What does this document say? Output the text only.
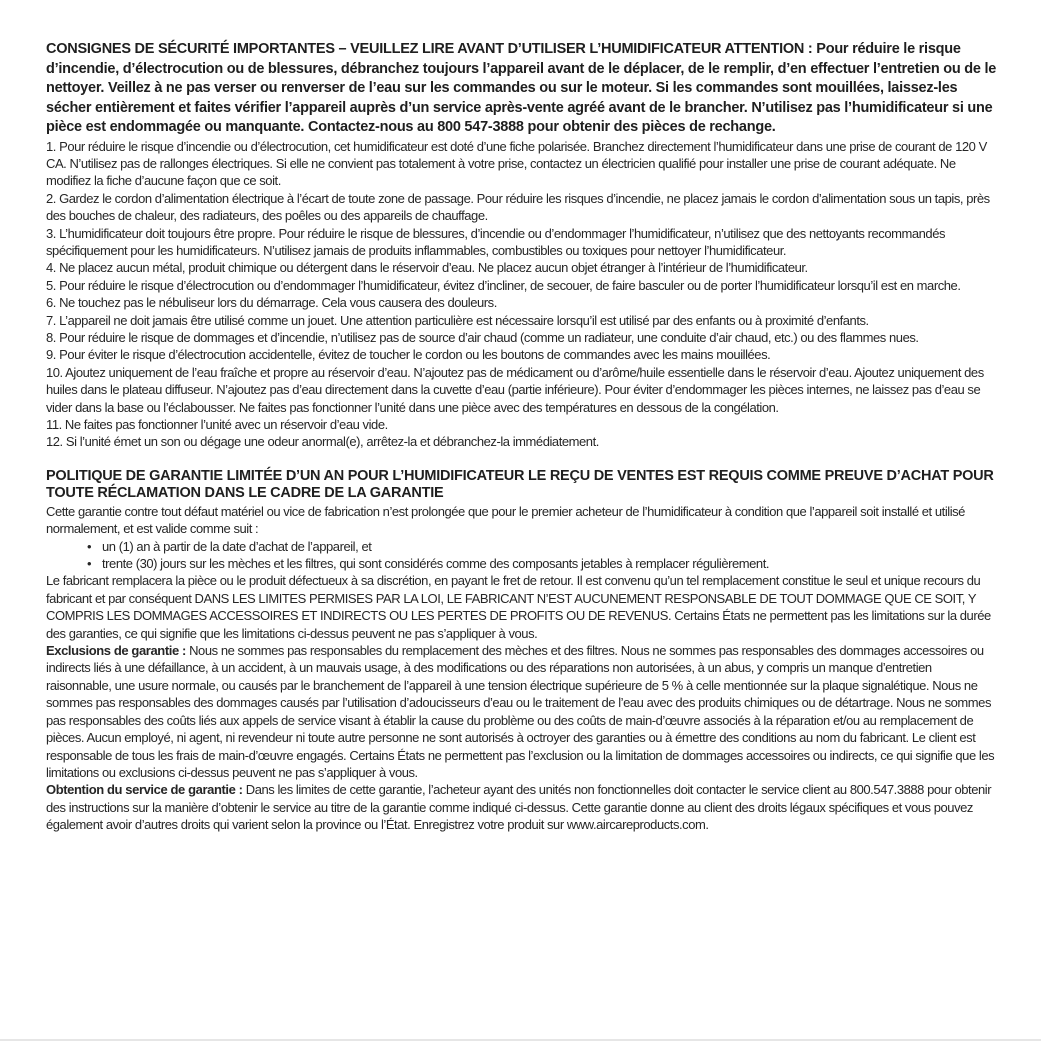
CONSIGNES DE SÉCURITÉ IMPORTANTES – VEUILLEZ LIRE AVANT D’UTILISER L’HUMIDIFICATEUR ATTENTION : Pour réduire le risque d’incendie, d’électrocution ou de blessures, débranchez toujours l’appareil avant de le déplacer, de le remplir, d’en effectuer l’entretien ou de le nettoyer. Veillez à ne pas verser ou renverser de l’eau sur les commandes ou sur le moteur. Si les commandes sont mouillées, laissez-les sécher entièrement et faites vérifier l’appareil auprès d’un service après-vente agréé avant de le brancher. N’utilisez pas l’humidificateur si une pièce est endommagée ou manquante. Contactez-nous au 800 547-3888 pour obtenir des pièces de rechange.

1. Pour réduire le risque d’incendie ou d’électrocution, cet humidificateur est doté d’une fiche polarisée. Branchez directement l’humidificateur dans une prise de courant de 120 V CA. N’utilisez pas de rallonges électriques. Si elle ne convient pas totalement à votre prise, contactez un électricien qualifié pour installer une prise de courant adéquate. Ne modifiez la fiche d’aucune façon que ce soit.

2. Gardez le cordon d’alimentation électrique à l’écart de toute zone de passage. Pour réduire les risques d’incendie, ne placez jamais le cordon d’alimentation sous un tapis, près des bouches de chaleur, des radiateurs, des poêles ou des appareils de chauffage.

3. L’humidificateur doit toujours être propre. Pour réduire le risque de blessures, d’incendie ou d’endommager l’humidificateur, n’utilisez que des nettoyants recommandés spécifiquement pour les humidificateurs. N’utilisez jamais de produits inflammables, combustibles ou toxiques pour nettoyer l’humidificateur.

4. Ne placez aucun métal, produit chimique ou détergent dans le réservoir d’eau. Ne placez aucun objet étranger à l’intérieur de l’humidificateur.

5. Pour réduire le risque d’électrocution ou d’endommager l’humidificateur, évitez d’incliner, de secouer, de faire basculer ou de porter l’humidificateur lorsqu’il est en marche.

6. Ne touchez pas le nébuliseur lors du démarrage. Cela vous causera des douleurs.

7. L’appareil ne doit jamais être utilisé comme un jouet. Une attention particulière est nécessaire lorsqu’il est utilisé par des enfants ou à proximité d’enfants.

8. Pour réduire le risque de dommages et d’incendie, n’utilisez pas de source d’air chaud (comme un radiateur, une conduite d’air chaud, etc.) ou des flammes nues.

9. Pour éviter le risque d’électrocution accidentelle, évitez de toucher le cordon ou les boutons de commandes avec les mains mouillées.

10. Ajoutez uniquement de l’eau fraîche et propre au réservoir d’eau. N’ajoutez pas de médicament ou d’arôme/huile essentielle dans le réservoir d’eau. Ajoutez uniquement des huiles dans le plateau diffuseur. N’ajoutez pas d’eau directement dans la cuvette d’eau (partie inférieure). Pour éviter d’endommager les pièces internes, ne laissez pas d’eau se vider dans la base ou l’éclabousser. Ne faites pas fonctionner l’unité dans une pièce avec des températures en dessous de la congélation.

11. Ne faites pas fonctionner l’unité avec un réservoir d’eau vide.

12. Si l’unité émet un son ou dégage une odeur anormal(e), arrêtez-la et débranchez-la immédiatement.

POLITIQUE DE GARANTIE LIMITÉE D’UN AN POUR L’HUMIDIFICATEUR LE REÇU DE VENTES EST REQUIS COMME PREUVE D’ACHAT POUR TOUTE RÉCLAMATION DANS LE CADRE DE LA GARANTIE

Cette garantie contre tout défaut matériel ou vice de fabrication n’est prolongée que pour le premier acheteur de l’humidificateur à condition que l’appareil soit installé et utilisé normalement, et est valide comme suit :

• un (1) an à partir de la date d’achat de l’appareil, et
• trente (30) jours sur les mèches et les filtres, qui sont considérés comme des composants jetables à remplacer régulièrement.

Le fabricant remplacera la pièce ou le produit défectueux à sa discrétion, en payant le fret de retour. Il est convenu qu’un tel remplacement constitue le seul et unique recours du fabricant et par conséquent DANS LES LIMITES PERMISES PAR LA LOI, LE FABRICANT N’EST AUCUNEMENT RESPONSABLE DE TOUT DOMMAGE QUE CE SOIT, Y COMPRIS LES DOMMAGES ACCESSOIRES ET INDIRECTS OU LES PERTES DE PROFITS OU DE REVENUS. Certains États ne permettent pas les limitations sur la durée des garanties, ce qui signifie que les limitations ci-dessus peuvent ne pas s’appliquer à vous.

Exclusions de garantie : Nous ne sommes pas responsables du remplacement des mèches et des filtres. Nous ne sommes pas responsables des dommages accessoires ou indirects liés à une défaillance, à un accident, à un mauvais usage, à des modifications ou des réparations non autorisées, à un abus, y compris un manque d’entretien raisonnable, une usure normale, ou causés par le branchement de l’appareil à une tension électrique supérieure de 5 % à celle mentionnée sur la plaque signalétique. Nous ne sommes pas responsables des dommages causés par l’utilisation d’adoucisseurs d’eau ou le traitement de l’eau avec des produits chimiques ou de détartrage. Nous ne sommes pas responsables des coûts liés aux appels de service visant à établir la cause du problème ou des coûts de main-d’œuvre associés à la réparation et/ou au remplacement de pièces. Aucun employé, ni agent, ni revendeur ni toute autre personne ne sont autorisés à octroyer des garanties ou à émettre des conditions au nom du fabricant. Le client est responsable de tous les frais de main-d’œuvre engagés. Certains États ne permettent pas l’exclusion ou la limitation de dommages accessoires ou indirects, ce qui signifie que les limitations ou exclusions ci-dessus peuvent ne pas s’appliquer à vous.

Obtention du service de garantie : Dans les limites de cette garantie, l’acheteur ayant des unités non fonctionnelles doit contacter le service client au 800.547.3888 pour obtenir des instructions sur la manière d’obtenir le service au titre de la garantie comme indiqué ci-dessus. Cette garantie donne au client des droits légaux spécifiques et vous pouvez également avoir d’autres droits qui varient selon la province ou l’État. Enregistrez votre produit sur www.aircareproducts.com.
